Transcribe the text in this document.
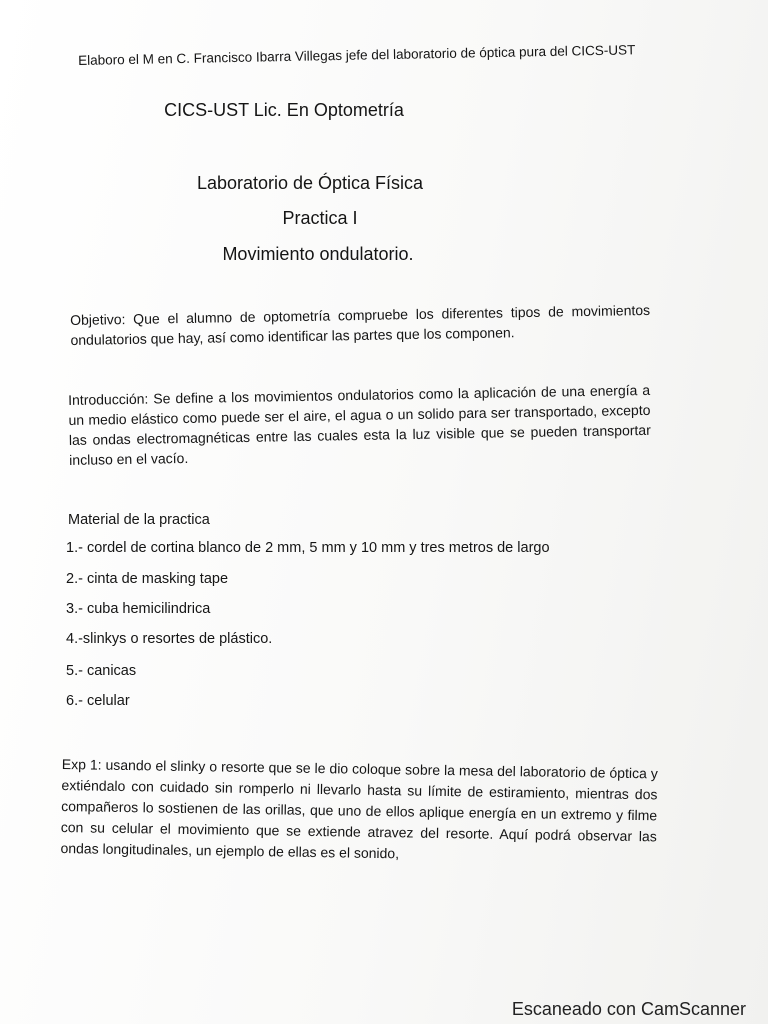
Elaboro el M en C. Francisco Ibarra Villegas jefe del laboratorio de óptica pura del CICS-UST
CICS-UST Lic. En Optometría
Laboratorio de Óptica Física
Practica I
Movimiento ondulatorio.
Objetivo: Que el alumno de optometría compruebe los diferentes tipos de movimientos ondulatorios que hay, así como identificar las partes que los componen.
Introducción: Se define a los movimientos ondulatorios como la aplicación de una energía a un medio elástico como puede ser el aire, el agua o un solido para ser transportado, excepto las ondas electromagnéticas entre las cuales esta la luz visible que se pueden transportar incluso en el vacío.
Material de la practica
1.- cordel de cortina blanco de 2 mm, 5 mm y 10 mm y tres metros de largo
2.- cinta de masking tape
3.- cuba hemicilindrica
4.-slinkys o resortes de plástico.
5.- canicas
6.- celular
Exp 1: usando el slinky o resorte que se le dio coloque sobre la mesa del laboratorio de óptica y extiéndalo con cuidado sin romperlo ni llevarlo hasta su límite de estiramiento, mientras dos compañeros lo sostienen de las orillas, que uno de ellos aplique energía en un extremo y filme con su celular el movimiento que se extiende atravez del resorte. Aquí podrá observar las ondas longitudinales, un ejemplo de ellas es el sonido,
Escaneado con CamScanner
